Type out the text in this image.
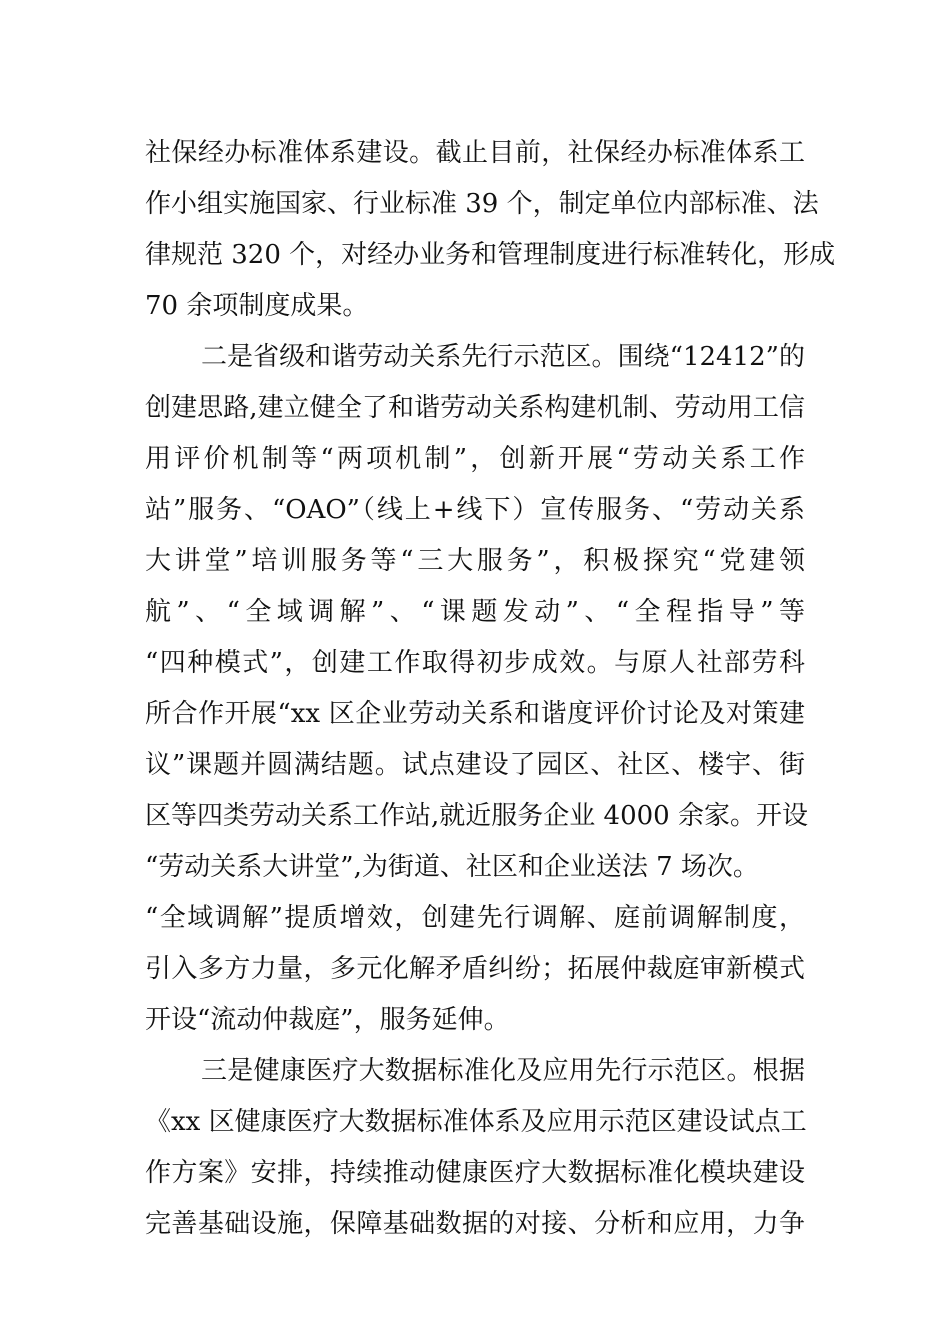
社保经办标准体系建设。截止目前，社保经办标准体系工
作小组实施国家、行业标准 39 个，制定单位内部标准、法
律规范 320 个，对经办业务和管理制度进行标准转化，形成
70 余项制度成果。
二是省级和谐劳动关系先行示范区。围绕“12412”的
创建思路,建立健全了和谐劳动关系构建机制、劳动用工信
用评价机制等“两项机制”，创新开展“劳动关系工作
站”服务、“OAO”（线上+线下）宣传服务、“劳动关系
大讲堂”培训服务等“三大服务”，积极探究“党建领
航”、“全域调解”、“课题发动”、“全程指导”等
“四种模式”，创建工作取得初步成效。与原人社部劳科
所合作开展“xx 区企业劳动关系和谐度评价讨论及对策建
议”课题并圆满结题。试点建设了园区、社区、楼宇、街
区等四类劳动关系工作站,就近服务企业 4000 余家。开设
“劳动关系大讲堂”,为街道、社区和企业送法 7 场次。
“全域调解”提质增效，创建先行调解、庭前调解制度，
引入多方力量，多元化解矛盾纠纷；拓展仲裁庭审新模式
开设“流动仲裁庭”，服务延伸。
三是健康医疗大数据标准化及应用先行示范区。根据
《xx 区健康医疗大数据标准体系及应用示范区建设试点工
作方案》安排，持续推动健康医疗大数据标准化模块建设
完善基础设施，保障基础数据的对接、分析和应用，力争
